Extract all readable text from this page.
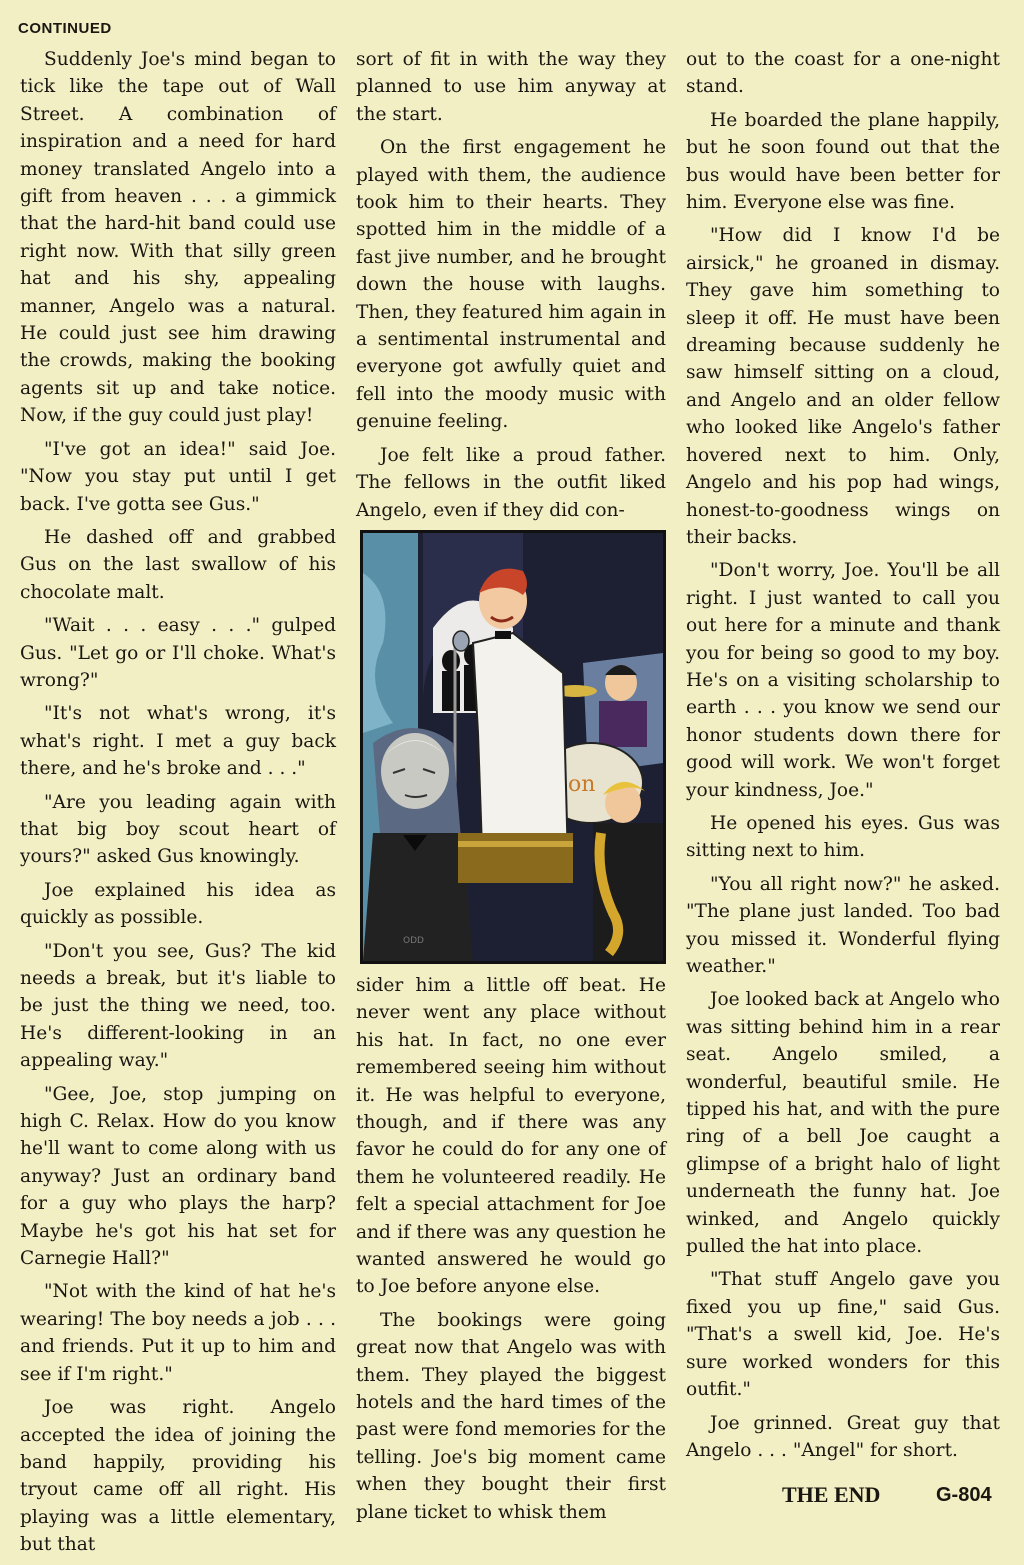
CONTINUED

Suddenly Joe's mind began to tick like the tape out of Wall Street. A combination of inspiration and a need for hard money translated Angelo into a gift from heaven . . . a gimmick that the hard-hit band could use right now. With that silly green hat and his shy, appealing manner, Angelo was a natural. He could just see him drawing the crowds, making the booking agents sit up and take notice. Now, if the guy could just play!

"I've got an idea!" said Joe. "Now you stay put until I get back. I've gotta see Gus."

He dashed off and grabbed Gus on the last swallow of his chocolate malt.

"Wait . . . easy . . ." gulped Gus. "Let go or I'll choke. What's wrong?"

"It's not what's wrong, it's what's right. I met a guy back there, and he's broke and . . ."

"Are you leading again with that big boy scout heart of yours?" asked Gus knowingly.

Joe explained his idea as quickly as possible.

"Don't you see, Gus? The kid needs a break, but it's liable to be just the thing we need, too. He's different-looking in an appealing way."

"Gee, Joe, stop jumping on high C. Relax. How do you know he'll want to come along with us anyway? Just an ordinary band for a guy who plays the harp? Maybe he's got his hat set for Carnegie Hall?"

"Not with the kind of hat he's wearing! The boy needs a job . . . and friends. Put it up to him and see if I'm right."

Joe was right. Angelo accepted the idea of joining the band happily, providing his tryout came off all right. His playing was a little elementary, but that

sort of fit in with the way they planned to use him anyway at the start.

On the first engagement he played with them, the audience took him to their hearts. They spotted him in the middle of a fast jive number, and he brought down the house with laughs. Then, they featured him again in a sentimental instrumental and everyone got awfully quiet and fell into the moody music with genuine feeling.

Joe felt like a proud father. The fellows in the outfit liked Angelo, even if they did con-

on
ODD

sider him a little off beat. He never went any place without his hat. In fact, no one ever remembered seeing him without it. He was helpful to everyone, though, and if there was any favor he could do for any one of them he volunteered readily. He felt a special attachment for Joe and if there was any question he wanted answered he would go to Joe before anyone else.

The bookings were going great now that Angelo was with them. They played the biggest hotels and the hard times of the past were fond memories for the telling. Joe's big moment came when they bought their first plane ticket to whisk them

out to the coast for a one-night stand.

He boarded the plane happily, but he soon found out that the bus would have been better for him. Everyone else was fine.

"How did I know I'd be airsick," he groaned in dismay. They gave him something to sleep it off. He must have been dreaming because suddenly he saw himself sitting on a cloud, and Angelo and an older fellow who looked like Angelo's father hovered next to him. Only, Angelo and his pop had wings, honest-to-goodness wings on their backs.

"Don't worry, Joe. You'll be all right. I just wanted to call you out here for a minute and thank you for being so good to my boy. He's on a visiting scholarship to earth . . . you know we send our honor students down there for good will work. We won't forget your kindness, Joe."

He opened his eyes. Gus was sitting next to him.

"You all right now?" he asked. "The plane just landed. Too bad you missed it. Wonderful flying weather."

Joe looked back at Angelo who was sitting behind him in a rear seat. Angelo smiled, a wonderful, beautiful smile. He tipped his hat, and with the pure ring of a bell Joe caught a glimpse of a bright halo of light underneath the funny hat. Joe winked, and Angelo quickly pulled the hat into place.

"That stuff Angelo gave you fixed you up fine," said Gus. "That's a swell kid, Joe. He's sure worked wonders for this outfit."

Joe grinned. Great guy that Angelo . . . "Angel" for short.

THE END	G-804
